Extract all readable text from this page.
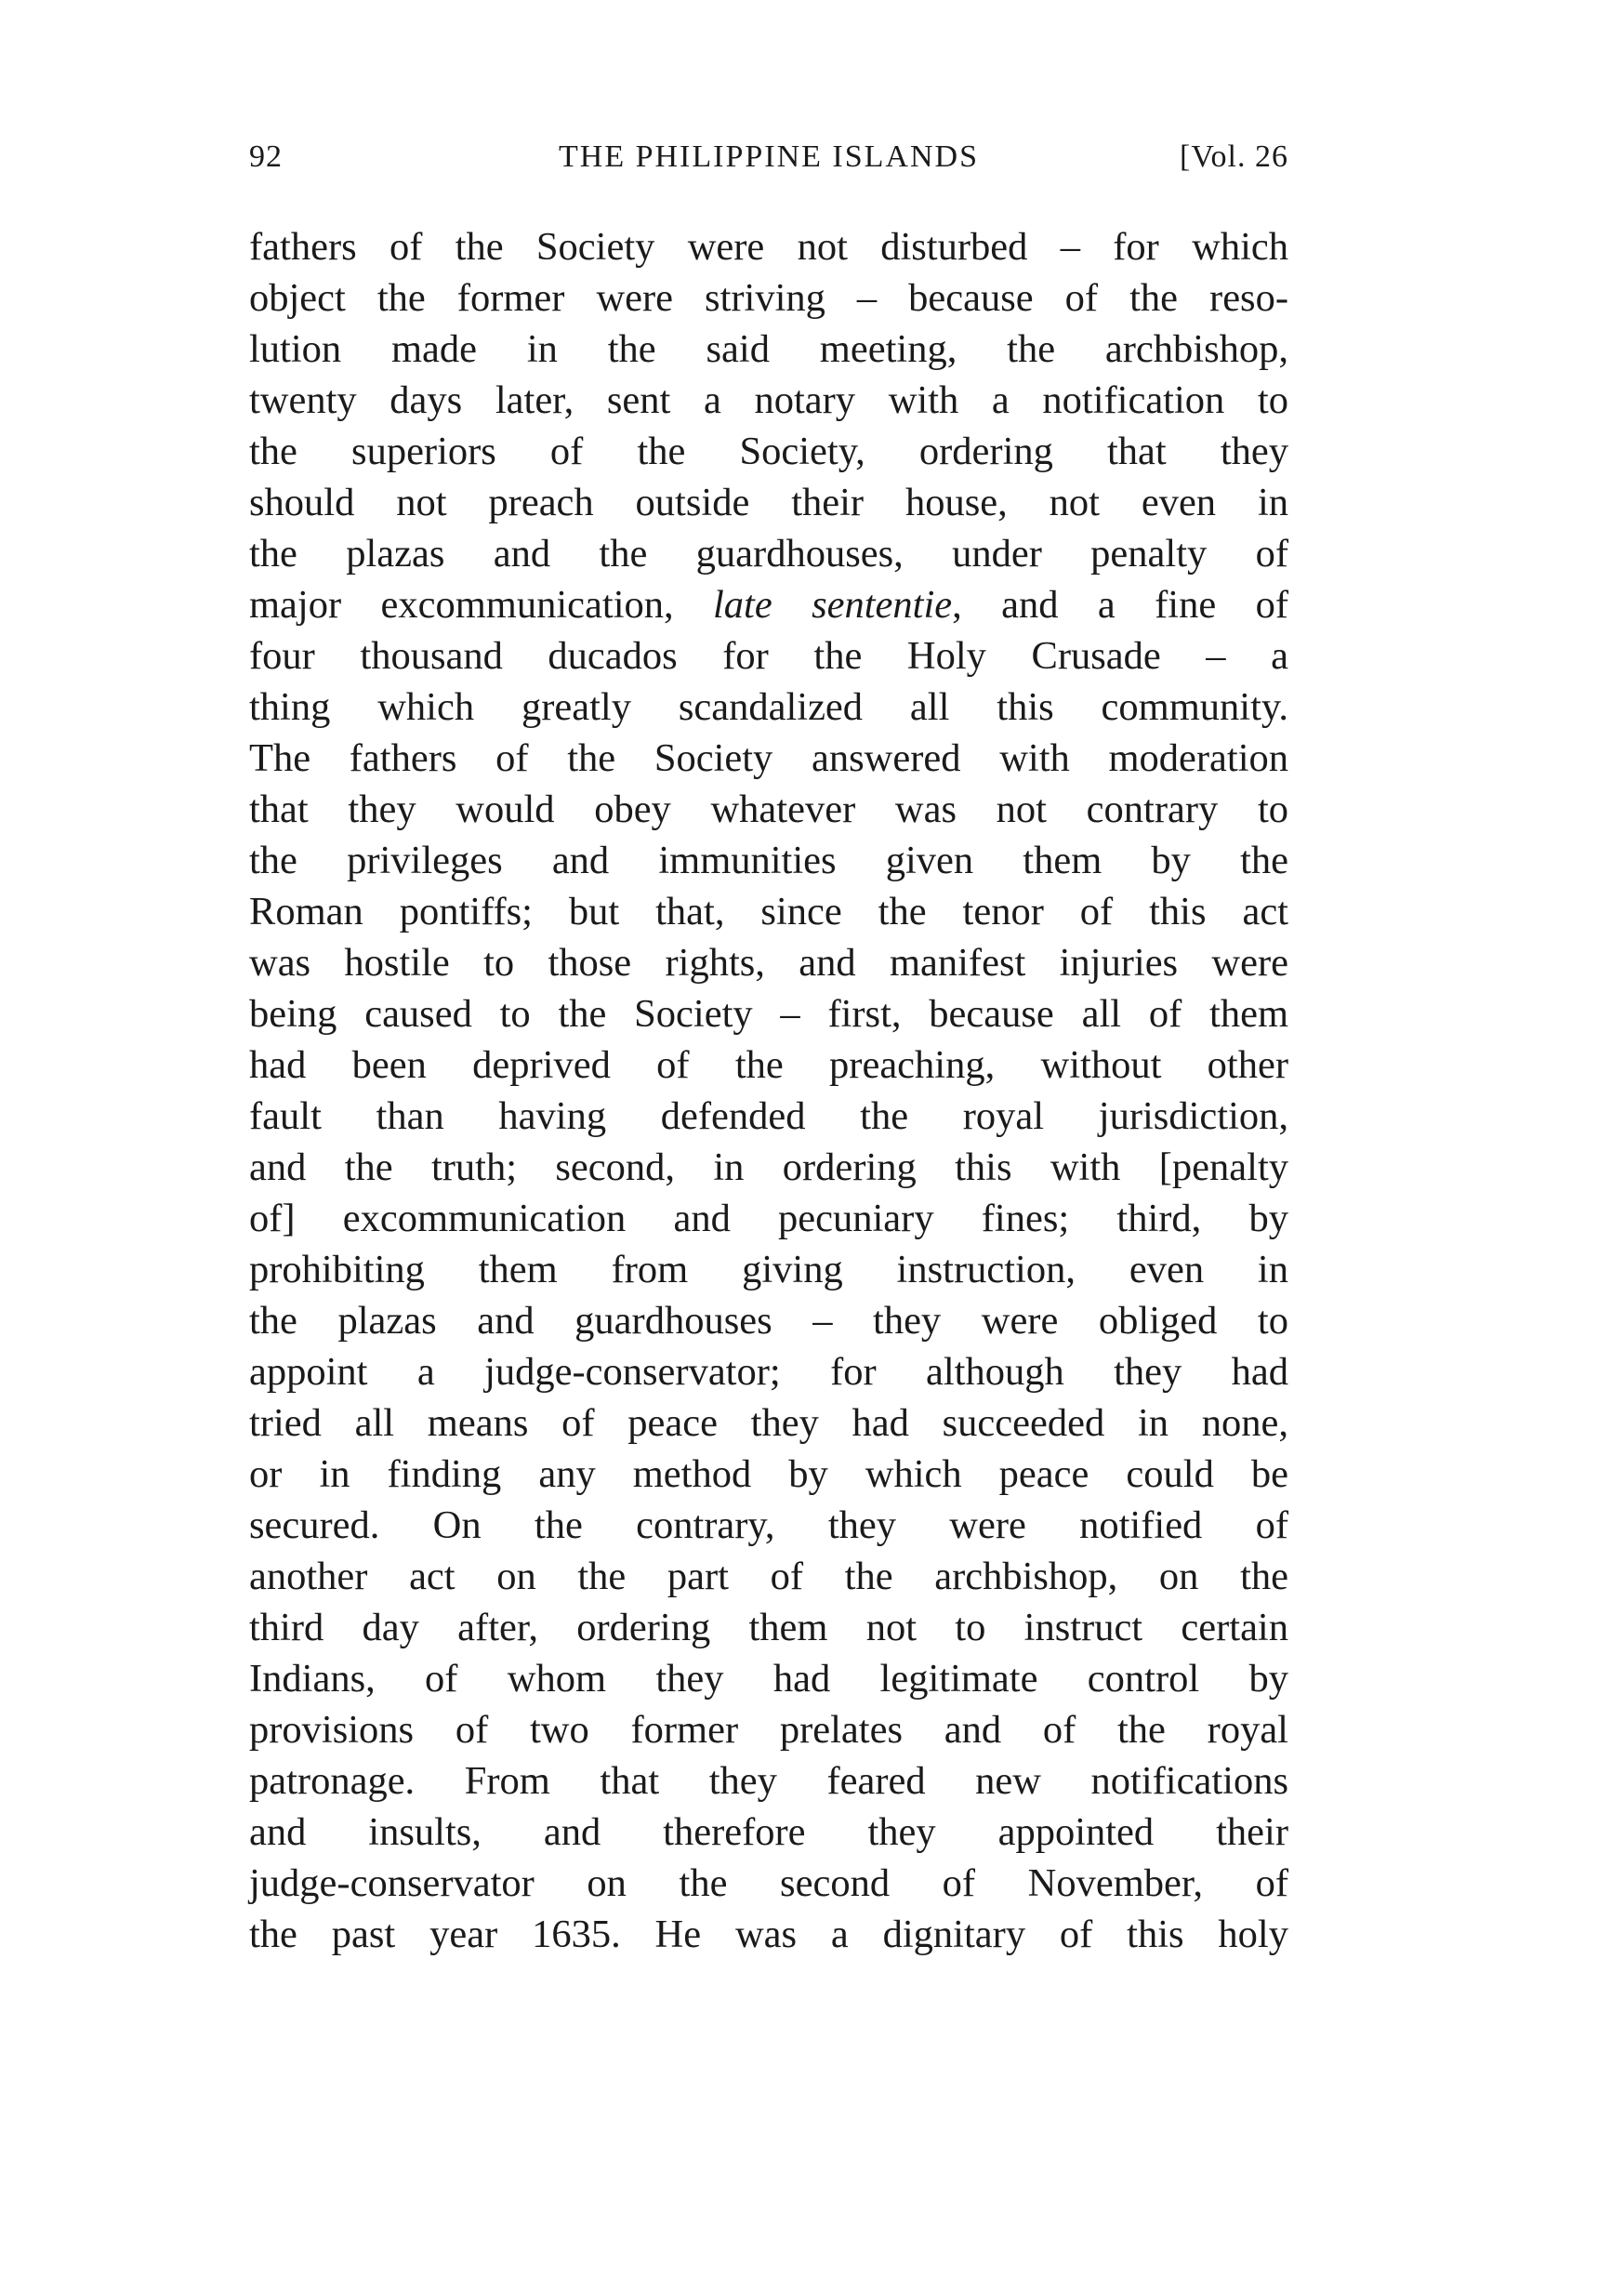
92	THE PHILIPPINE ISLANDS	[Vol. 26
fathers of the Society were not disturbed – for which
object the former were striving – because of the reso-
lution made in the said meeting, the archbishop,
twenty days later, sent a notary with a notification to
the superiors of the Society, ordering that they
should not preach outside their house, not even in
the plazas and the guardhouses, under penalty of
major excommunication, late sententie, and a fine of
four thousand ducados for the Holy Crusade – a
thing which greatly scandalized all this community.
The fathers of the Society answered with moderation
that they would obey whatever was not contrary to
the privileges and immunities given them by the
Roman pontiffs; but that, since the tenor of this act
was hostile to those rights, and manifest injuries were
being caused to the Society – first, because all of them
had been deprived of the preaching, without other
fault than having defended the royal jurisdiction,
and the truth; second, in ordering this with [penalty
of] excommunication and pecuniary fines; third, by
prohibiting them from giving instruction, even in
the plazas and guardhouses – they were obliged to
appoint a judge-conservator; for although they had
tried all means of peace they had succeeded in none,
or in finding any method by which peace could be
secured. On the contrary, they were notified of
another act on the part of the archbishop, on the
third day after, ordering them not to instruct certain
Indians, of whom they had legitimate control by
provisions of two former prelates and of the royal
patronage. From that they feared new notifications
and insults, and therefore they appointed their
judge-conservator on the second of November, of
the past year 1635. He was a dignitary of this holy
